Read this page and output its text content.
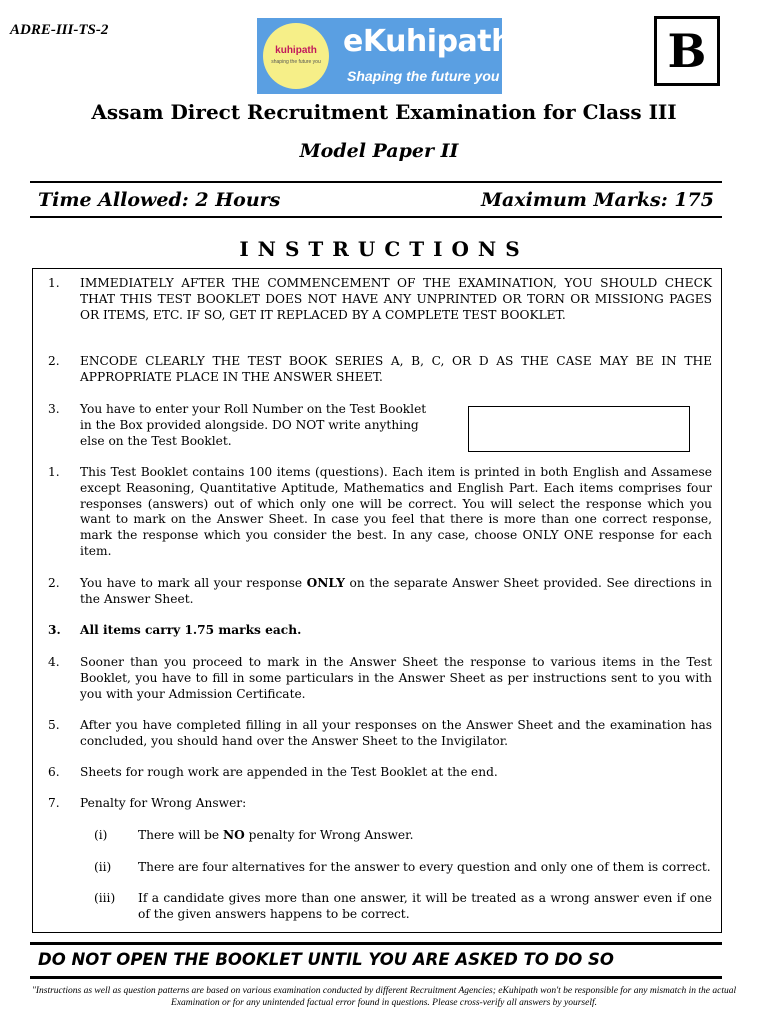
ADRE-III-TS-2
kuhipath
shaping the future you
eKuhipath
Shaping the future you	B
Assam Direct Recruitment Examination for Class III
Model Paper II
Time Allowed: 2 Hours	Maximum Marks: 175
INSTRUCTIONS
1. IMMEDIATELY AFTER THE COMMENCEMENT OF THE EXAMINATION, YOU SHOULD CHECK THAT THIS TEST BOOKLET DOES NOT HAVE ANY UNPRINTED OR TORN OR MISSIONG PAGES OR ITEMS, ETC. IF SO, GET IT REPLACED BY A COMPLETE TEST BOOKLET.
2. ENCODE CLEARLY THE TEST BOOK SERIES A, B, C, OR D AS THE CASE MAY BE IN THE APPROPRIATE PLACE IN THE ANSWER SHEET.
3. You have to enter your Roll Number on the Test Booklet in the Box provided alongside. DO NOT write anything else on the Test Booklet.
1. This Test Booklet contains 100 items (questions). Each item is printed in both English and Assamese except Reasoning, Quantitative Aptitude, Mathematics and English Part. Each items comprises four responses (answers) out of which only one will be correct. You will select the response which you want to mark on the Answer Sheet. In case you feel that there is more than one correct response, mark the response which you consider the best. In any case, choose ONLY ONE response for each item.
2. You have to mark all your response ONLY on the separate Answer Sheet provided. See directions in the Answer Sheet.
3. All items carry 1.75 marks each.
4. Sooner than you proceed to mark in the Answer Sheet the response to various items in the Test Booklet, you have to fill in some particulars in the Answer Sheet as per instructions sent to you with you with your Admission Certificate.
5. After you have completed filling in all your responses on the Answer Sheet and the examination has concluded, you should hand over the Answer Sheet to the Invigilator.
6. Sheets for rough work are appended in the Test Booklet at the end.
7. Penalty for Wrong Answer:
(i)	There will be NO penalty for Wrong Answer.
(ii) There are four alternatives for the answer to every question and only one of them is correct.
(iii) If a candidate gives more than one answer, it will be treated as a wrong answer even if one of the given answers happens to be correct.
DO NOT OPEN THE BOOKLET UNTIL YOU ARE ASKED TO DO SO
"Instructions as well as question patterns are based on various examination conducted by different Recruitment Agencies; eKuhipath won't be responsible for any mismatch in the actual Examination or for any unintended factual error found in questions. Please cross-verify all answers by yourself.
